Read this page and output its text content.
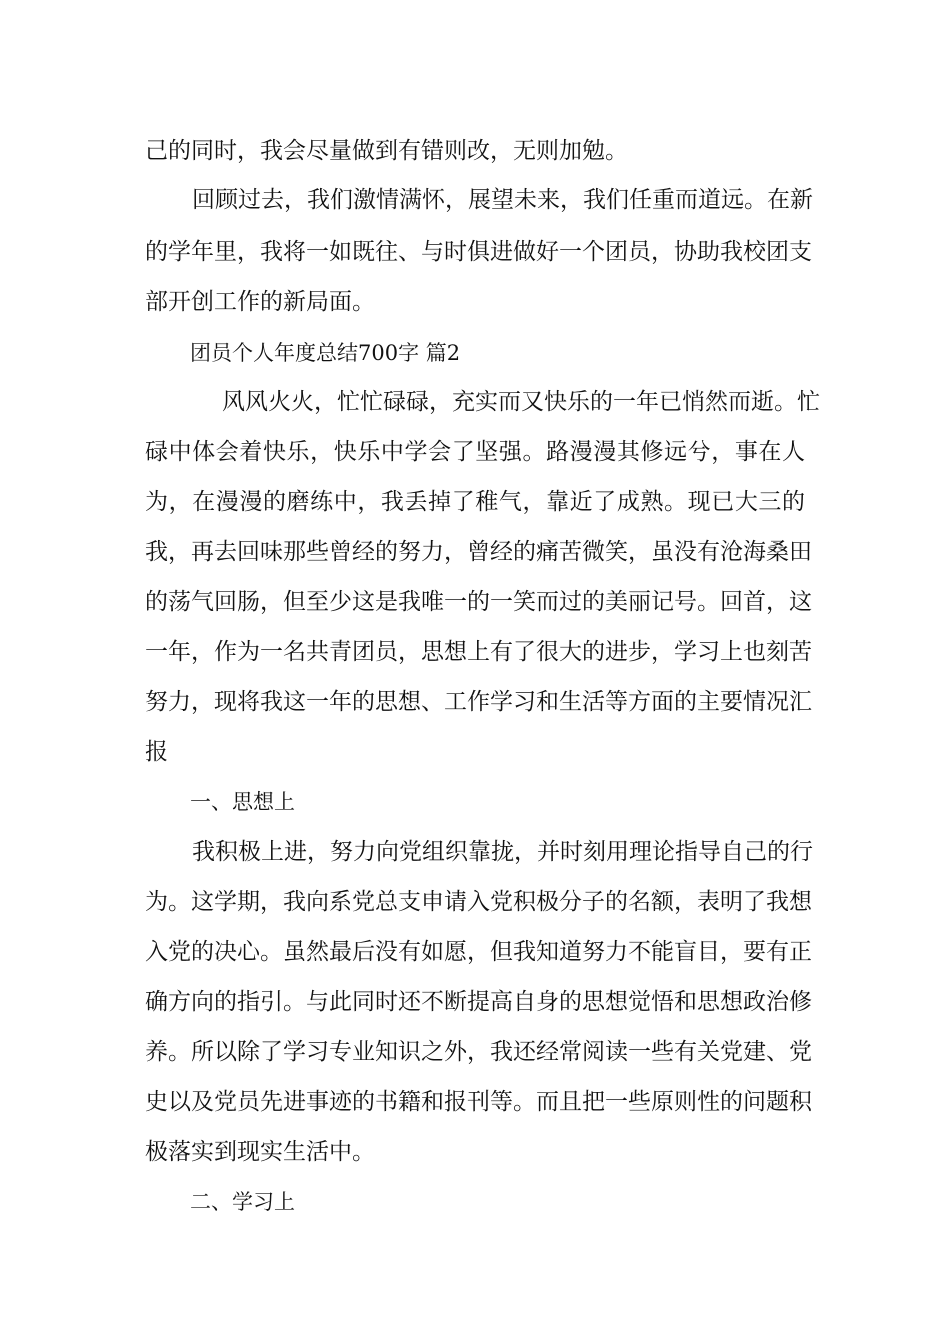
己的同时，我会尽量做到有错则改，无则加勉。
回顾过去，我们激情满怀，展望未来，我们任重而道远。在新
的学年里，我将一如既往、与时俱进做好一个团员，协助我校团支
部开创工作的新局面。
团员个人年度总结700字 篇2
风风火火，忙忙碌碌，充实而又快乐的一年已悄然而逝。忙
碌中体会着快乐，快乐中学会了坚强。路漫漫其修远兮，事在人
为，在漫漫的磨练中，我丢掉了稚气，靠近了成熟。现已大三的
我，再去回味那些曾经的努力，曾经的痛苦微笑，虽没有沧海桑田
的荡气回肠，但至少这是我唯一的一笑而过的美丽记号。回首，这
一年，作为一名共青团员，思想上有了很大的进步，学习上也刻苦
努力，现将我这一年的思想、工作学习和生活等方面的主要情况汇
报
一、思想上
我积极上进，努力向党组织靠拢，并时刻用理论指导自己的行
为。这学期，我向系党总支申请入党积极分子的名额，表明了我想
入党的决心。虽然最后没有如愿，但我知道努力不能盲目，要有正
确方向的指引。与此同时还不断提高自身的思想觉悟和思想政治修
养。所以除了学习专业知识之外，我还经常阅读一些有关党建、党
史以及党员先进事迹的书籍和报刊等。而且把一些原则性的问题积
极落实到现实生活中。
二、学习上
